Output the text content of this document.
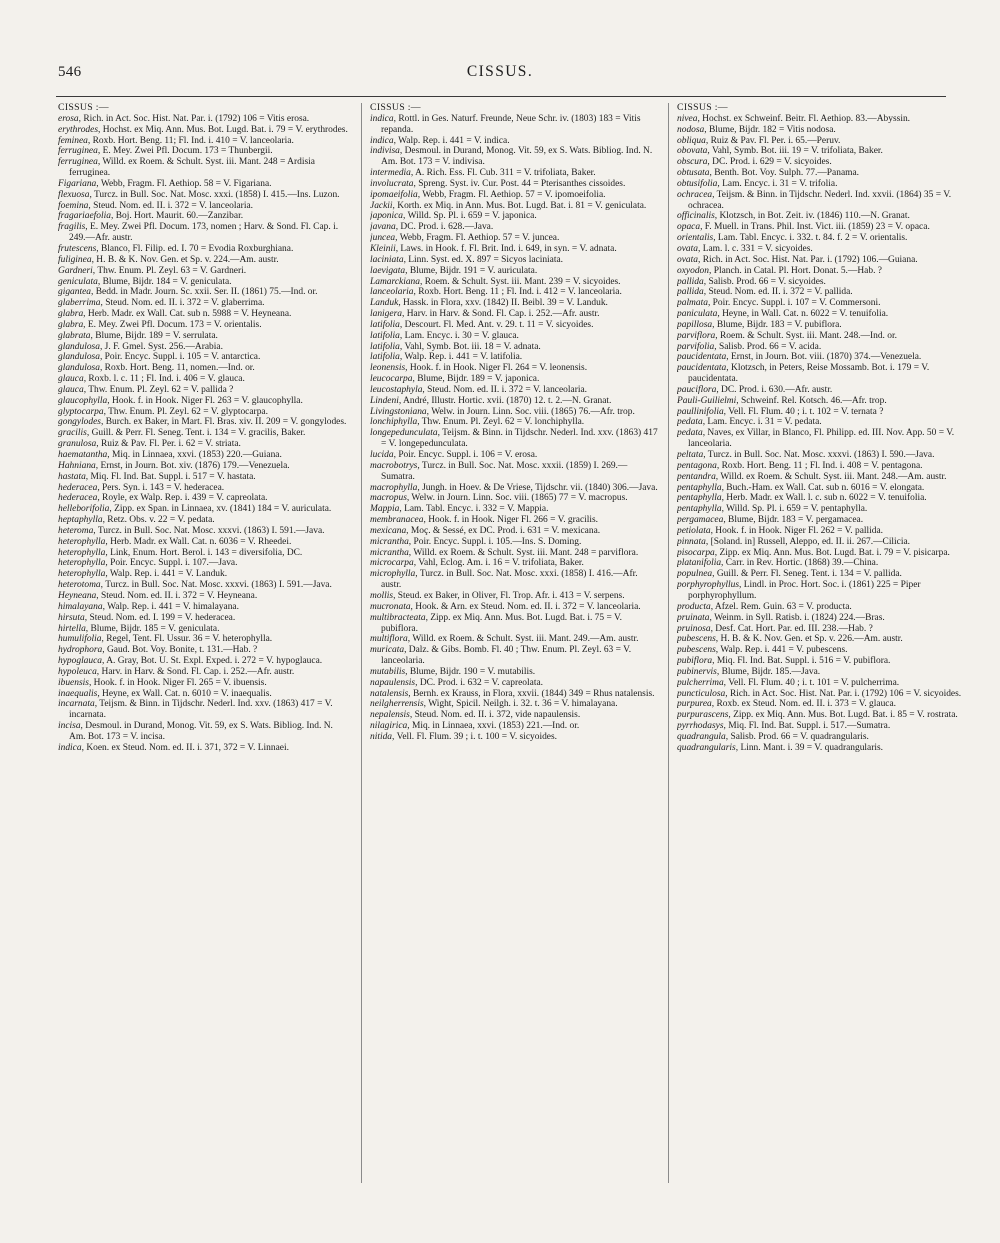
546	CISSUS.
CISSUS :—

erosa, Rich. in Act. Soc. Hist. Nat. Par. i. (1792) 106 = Vitis erosa.

erythrodes, Hochst. ex Miq. Ann. Mus. Bot. Lugd. Bat. i. 79 = V. erythrodes.

feminea, Roxb. Hort. Beng. 11; Fl. Ind. i. 410 = V. lanceolaria.

ferruginea, E. Mey. Zwei Pfl. Docum. 173 = Thunbergii.

ferruginea, Willd. ex Roem. & Schult. Syst. iii. Mant. 248 = Ardisia ferruginea.

Figariana, Webb, Fragm. Fl. Aethiop. 58 = V. Figariana.

flexuosa, Turcz. in Bull. Soc. Nat. Mosc. xxxi. (1858) I. 415.—Ins. Luzon.

foemina, Steud. Nom. ed. II. i. 372 = V. lanceolaria.

fragariaefolia, Boj. Hort. Maurit. 60.—Zanzibar.

fragilis, E. Mey. Zwei Pfl. Docum. 173, nomen ; Harv. & Sond. Fl. Cap. i. 249.—Afr. austr.

frutescens, Blanco, Fl. Filip. ed. I. 70 = Evodia Roxburghiana.

fuliginea, H. B. & K. Nov. Gen. et Sp. v. 224.—Am. austr.

Gardneri, Thw. Enum. Pl. Zeyl. 63 = V. Gardneri.

geniculata, Blume, Bijdr. 184 = V. geniculata.

gigantea, Bedd. in Madr. Journ. Sc. xxii. Ser. II. (1861) 75.—Ind. or.

glaberrima, Steud. Nom. ed. II. i. 372 = V. glaberrima.

glabra, Herb. Madr. ex Wall. Cat. sub n. 5988 = V. Heyneana.

glabra, E. Mey. Zwei Pfl. Docum. 173 = V. orientalis.

glabrata, Blume, Bijdr. 189 = V. serrulata.

glandulosa, J. F. Gmel. Syst. 256.—Arabia.

glandulosa, Poir. Encyc. Suppl. i. 105 = V. antarctica.

glandulosa, Roxb. Hort. Beng. 11, nomen.—Ind. or.

glauca, Roxb. l. c. 11 ; Fl. Ind. i. 406 = V. glauca.

glauca, Thw. Enum. Pl. Zeyl. 62 = V. pallida ?

glaucophylla, Hook. f. in Hook. Niger Fl. 263 = V. glaucophylla.

glyptocarpa, Thw. Enum. Pl. Zeyl. 62 = V. glyptocarpa.

gongylodes, Burch. ex Baker, in Mart. Fl. Bras. xiv. II. 209 = V. gongylodes.

gracilis, Guill. & Perr. Fl. Seneg. Tent. i. 134 = V. gracilis, Baker.

granulosa, Ruiz & Pav. Fl. Per. i. 62 = V. striata.

haematantha, Miq. in Linnaea, xxvi. (1853) 220.—Guiana.

Hahniana, Ernst, in Journ. Bot. xiv. (1876) 179.—Venezuela.

hastata, Miq. Fl. Ind. Bat. Suppl. i. 517 = V. hastata.

hederacea, Pers. Syn. i. 143 = V. hederacea.

hederacea, Royle, ex Walp. Rep. i. 439 = V. capreolata.

helleborifolia, Zipp. ex Span. in Linnaea, xv. (1841) 184 = V. auriculata.

heptaphylla, Retz. Obs. v. 22 = V. pedata.

heteroma, Turcz. in Bull. Soc. Nat. Mosc. xxxvi. (1863) I. 591.—Java.

heterophylla, Herb. Madr. ex Wall. Cat. n. 6036 = V. Rheedei.

heterophylla, Link, Enum. Hort. Berol. i. 143 = diversifolia, DC.

heterophylla, Poir. Encyc. Suppl. i. 107.—Java.

heterophylla, Walp. Rep. i. 441 = V. Landuk.

heterotoma, Turcz. in Bull. Soc. Nat. Mosc. xxxvi. (1863) I. 591.—Java.

Heyneana, Steud. Nom. ed. II. i. 372 = V. Heyneana.

himalayana, Walp. Rep. i. 441 = V. himalayana.

hirsuta, Steud. Nom. ed. I. 199 = V. hederacea.

hirtella, Blume, Bijdr. 185 = V. geniculata.

humulifolia, Regel, Tent. Fl. Ussur. 36 = V. heterophylla.

hydrophora, Gaud. Bot. Voy. Bonite, t. 131.—Hab. ?

hypoglauca, A. Gray, Bot. U. St. Expl. Exped. i. 272 = V. hypoglauca.

hypoleuca, Harv. in Harv. & Sond. Fl. Cap. i. 252.—Afr. austr.

ibuensis, Hook. f. in Hook. Niger Fl. 265 = V. ibuensis.

inaequalis, Heyne, ex Wall. Cat. n. 6010 = V. inaequalis.

incarnata, Teijsm. & Binn. in Tijdschr. Nederl. Ind. xxv. (1863) 417 = V. incarnata.

incisa, Desmoul. in Durand, Monog. Vit. 59, ex S. Wats. Bibliog. Ind. N. Am. Bot. 173 = V. incisa.

indica, Koen. ex Steud. Nom. ed. II. i. 371, 372 = V. Linnaei.

CISSUS :—

indica, Rottl. in Ges. Naturf. Freunde, Neue Schr. iv. (1803) 183 = Vitis repanda.

indica, Walp. Rep. i. 441 = V. indica.

indivisa, Desmoul. in Durand, Monog. Vit. 59, ex S. Wats. Bibliog. Ind. N. Am. Bot. 173 = V. indivisa.

intermedia, A. Rich. Ess. Fl. Cub. 311 = V. trifoliata, Baker.

involucrata, Spreng. Syst. iv. Cur. Post. 44 = Pterisanthes cissoides.

ipomaeifolia, Webb, Fragm. Fl. Aethiop. 57 = V. ipomoeifolia.

Jackii, Korth. ex Miq. in Ann. Mus. Bot. Lugd. Bat. i. 81 = V. geniculata.

japonica, Willd. Sp. Pl. i. 659 = V. japonica.

javana, DC. Prod. i. 628.—Java.

juncea, Webb, Fragm. Fl. Aethiop. 57 = V. juncea.

Kleinii, Laws. in Hook. f. Fl. Brit. Ind. i. 649, in syn. = V. adnata.

laciniata, Linn. Syst. ed. X. 897 = Sicyos laciniata.

laevigata, Blume, Bijdr. 191 = V. auriculata.

Lamarckiana, Roem. & Schult. Syst. iii. Mant. 239 = V. sicyoides.

lanceolaria, Roxb. Hort. Beng. 11 ; Fl. Ind. i. 412 = V. lanceolaria.

Landuk, Hassk. in Flora, xxv. (1842) II. Beibl. 39 = V. Landuk.

lanigera, Harv. in Harv. & Sond. Fl. Cap. i. 252.—Afr. austr.

latifolia, Descourt. Fl. Med. Ant. v. 29. t. 11 = V. sicyoides.

latifolia, Lam. Encyc. i. 30 = V. glauca.

latifolia, Vahl, Symb. Bot. iii. 18 = V. adnata.

latifolia, Walp. Rep. i. 441 = V. latifolia.

leonensis, Hook. f. in Hook. Niger Fl. 264 = V. leonensis.

leucocarpa, Blume, Bijdr. 189 = V. japonica.

leucostaphyla, Steud. Nom. ed. II. i. 372 = V. lanceolaria.

Lindeni, André, Illustr. Hortic. xvii. (1870) 12. t. 2.—N. Granat.

Livingstoniana, Welw. in Journ. Linn. Soc. viii. (1865) 76.—Afr. trop.

lonchiphylla, Thw. Enum. Pl. Zeyl. 62 = V. lonchiphylla.

longepedunculata, Teijsm. & Binn. in Tijdschr. Nederl. Ind. xxv. (1863) 417 = V. longepedunculata.

lucida, Poir. Encyc. Suppl. i. 106 = V. erosa.

macrobotrys, Turcz. in Bull. Soc. Nat. Mosc. xxxii. (1859) I. 269.—Sumatra.

macrophylla, Jungh. in Hoev. & De Vriese, Tijdschr. vii. (1840) 306.—Java.

macropus, Welw. in Journ. Linn. Soc. viii. (1865) 77 = V. macropus.

Mappia, Lam. Tabl. Encyc. i. 332 = V. Mappia.

membranacea, Hook. f. in Hook. Niger Fl. 266 = V. gracilis.

mexicana, Moç. & Sessé, ex DC. Prod. i. 631 = V. mexicana.

micrantha, Poir. Encyc. Suppl. i. 105.—Ins. S. Doming.

micrantha, Willd. ex Roem. & Schult. Syst. iii. Mant. 248 = parviflora.

microcarpa, Vahl, Eclog. Am. i. 16 = V. trifoliata, Baker.

microphylla, Turcz. in Bull. Soc. Nat. Mosc. xxxi. (1858) I. 416.—Afr. austr.

mollis, Steud. ex Baker, in Oliver, Fl. Trop. Afr. i. 413 = V. serpens.

mucronata, Hook. & Arn. ex Steud. Nom. ed. II. i. 372 = V. lanceolaria.

multibracteata, Zipp. ex Miq. Ann. Mus. Bot. Lugd. Bat. i. 75 = V. pubiflora.

multiflora, Willd. ex Roem. & Schult. Syst. iii. Mant. 249.—Am. austr.

muricata, Dalz. & Gibs. Bomb. Fl. 40 ; Thw. Enum. Pl. Zeyl. 63 = V. lanceolaria.

mutabilis, Blume, Bijdr. 190 = V. mutabilis.

napaulensis, DC. Prod. i. 632 = V. capreolata.

natalensis, Bernh. ex Krauss, in Flora, xxvii. (1844) 349 = Rhus natalensis.

neilgherrensis, Wight, Spicil. Neilgh. i. 32. t. 36 = V. himalayana.

nepalensis, Steud. Nom. ed. II. i. 372, vide napaulensis.

nilagirica, Miq. in Linnaea, xxvi. (1853) 221.—Ind. or.

nitida, Vell. Fl. Flum. 39 ; i. t. 100 = V. sicyoides.

CISSUS :—

nivea, Hochst. ex Schweinf. Beitr. Fl. Aethiop. 83.—Abyssin.

nodosa, Blume, Bijdr. 182 = Vitis nodosa.

obliqua, Ruiz & Pav. Fl. Per. i. 65.—Peruv.

obovata, Vahl, Symb. Bot. iii. 19 = V. trifoliata, Baker.

obscura, DC. Prod. i. 629 = V. sicyoides.

obtusata, Benth. Bot. Voy. Sulph. 77.—Panama.

obtusifolia, Lam. Encyc. i. 31 = V. trifolia.

ochracea, Teijsm. & Binn. in Tijdschr. Nederl. Ind. xxvii. (1864) 35 = V. ochracea.

officinalis, Klotzsch, in Bot. Zeit. iv. (1846) 110.—N. Granat.

opaca, F. Muell. in Trans. Phil. Inst. Vict. iii. (1859) 23 = V. opaca.

orientalis, Lam. Tabl. Encyc. i. 332. t. 84. f. 2 = V. orientalis.

ovata, Lam. l. c. 331 = V. sicyoides.

ovata, Rich. in Act. Soc. Hist. Nat. Par. i. (1792) 106.—Guiana.

oxyodon, Planch. in Catal. Pl. Hort. Donat. 5.—Hab. ?

pallida, Salisb. Prod. 66 = V. sicyoides.

pallida, Steud. Nom. ed. II. i. 372 = V. pallida.

palmata, Poir. Encyc. Suppl. i. 107 = V. Commersoni.

paniculata, Heyne, in Wall. Cat. n. 6022 = V. tenuifolia.

papillosa, Blume, Bijdr. 183 = V. pubiflora.

parviflora, Roem. & Schult. Syst. iii. Mant. 248.—Ind. or.

parvifolia, Salisb. Prod. 66 = V. acida.

paucidentata, Ernst, in Journ. Bot. viii. (1870) 374.—Venezuela.

paucidentata, Klotzsch, in Peters, Reise Mossamb. Bot. i. 179 = V. paucidentata.

pauciflora, DC. Prod. i. 630.—Afr. austr.

Pauli-Guilielmi, Schweinf. Rel. Kotsch. 46.—Afr. trop.

paullinifolia, Vell. Fl. Flum. 40 ; i. t. 102 = V. ternata ?

pedata, Lam. Encyc. i. 31 = V. pedata.

pedata, Naves, ex Villar, in Blanco, Fl. Philipp. ed. III. Nov. App. 50 = V. lanceolaria.

peltata, Turcz. in Bull. Soc. Nat. Mosc. xxxvi. (1863) I. 590.—Java.

pentagona, Roxb. Hort. Beng. 11 ; Fl. Ind. i. 408 = V. pentagona.

pentandra, Willd. ex Roem. & Schult. Syst. iii. Mant. 248.—Am. austr.

pentaphylla, Buch.-Ham. ex Wall. Cat. sub n. 6016 = V. elongata.

pentaphylla, Herb. Madr. ex Wall. l. c. sub n. 6022 = V. tenuifolia.

pentaphylla, Willd. Sp. Pl. i. 659 = V. pentaphylla.

pergamacea, Blume, Bijdr. 183 = V. pergamacea.

petiolata, Hook. f. in Hook. Niger Fl. 262 = V. pallida.

pinnata, [Soland. in] Russell, Aleppo, ed. II. ii. 267.—Cilicia.

pisocarpa, Zipp. ex Miq. Ann. Mus. Bot. Lugd. Bat. i. 79 = V. pisicarpa.

platanifolia, Carr. in Rev. Hortic. (1868) 39.—China.

populnea, Guill. & Perr. Fl. Seneg. Tent. i. 134 = V. pallida.

porphyrophyllus, Lindl. in Proc. Hort. Soc. i. (1861) 225 = Piper porphyrophyllum.

producta, Afzel. Rem. Guin. 63 = V. producta.

pruinata, Weinm. in Syll. Ratisb. i. (1824) 224.—Bras.

pruinosa, Desf. Cat. Hort. Par. ed. III. 238.—Hab. ?

pubescens, H. B. & K. Nov. Gen. et Sp. v. 226.—Am. austr.

pubescens, Walp. Rep. i. 441 = V. pubescens.

pubiflora, Miq. Fl. Ind. Bat. Suppl. i. 516 = V. pubiflora.

pubinervis, Blume, Bijdr. 185.—Java.

pulcherrima, Vell. Fl. Flum. 40 ; i. t. 101 = V. pulcherrima.

puncticulosa, Rich. in Act. Soc. Hist. Nat. Par. i. (1792) 106 = V. sicyoides.

purpurea, Roxb. ex Steud. Nom. ed. II. i. 373 = V. glauca.

purpurascens, Zipp. ex Miq. Ann. Mus. Bot. Lugd. Bat. i. 85 = V. rostrata.

pyrrhodasys, Miq. Fl. Ind. Bat. Suppl. i. 517.—Sumatra.

quadrangula, Salisb. Prod. 66 = V. quadrangularis.

quadrangularis, Linn. Mant. i. 39 = V. quadrangularis.
